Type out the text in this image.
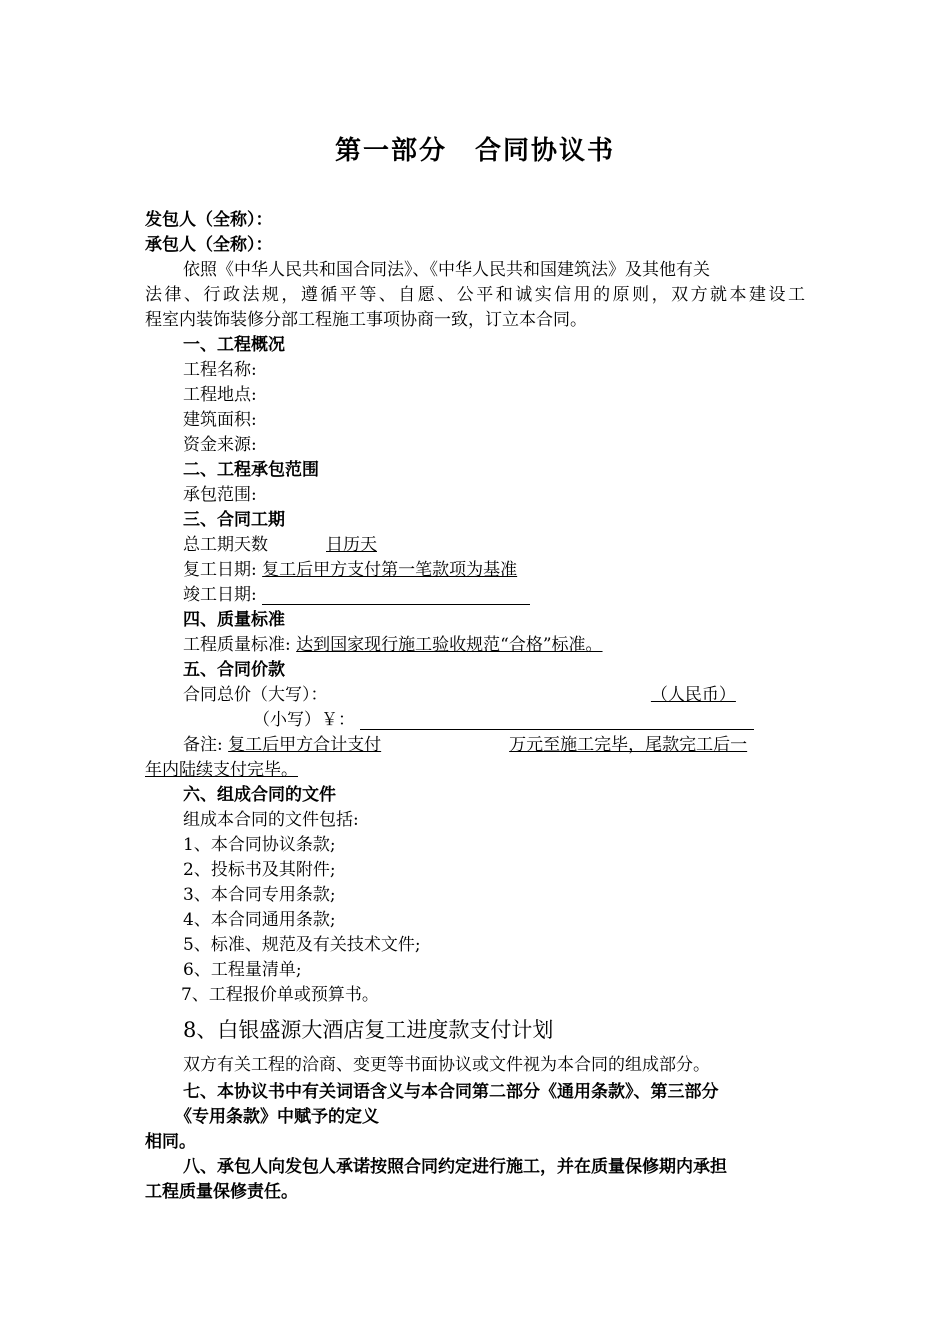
第一部分　合同协议书
发包人（全称）：
承包人（全称）：
依照《中华人民共和国合同法》、《中华人民共和国建筑法》及其他有关
法律、行政法规，遵循平等、自愿、公平和诚实信用的原则，双方就本建设工
程室内装饰装修分部工程施工事项协商一致，订立本合同。
一、工程概况
工程名称:
工程地点:
建筑面积:
资金来源:
二、工程承包范围
承包范围:
三、合同工期
总工期天数	日历天
复工日期: 复工后甲方支付第一笔款项为基准
竣工日期:
四、质量标准
工程质量标准: 达到国家现行施工验收规范“合格”标准。
五、合同价款
合同总价（大写）：	（人民币）
（小写）￥：
备注: 复工后甲方合计支付	万元至施工完毕，尾款完工后一
年内陆续支付完毕。
六、组成合同的文件
组成本合同的文件包括:
1、本合同协议条款;
2、投标书及其附件;
3、本合同专用条款;
4、本合同通用条款;
5、标准、规范及有关技术文件;
6、工程量清单;
7、工程报价单或预算书。
8、白银盛源大酒店复工进度款支付计划
双方有关工程的洽商、变更等书面协议或文件视为本合同的组成部分。
七、本协议书中有关词语含义与本合同第二部分《通用条款》、第三部分
《专用条款》中赋予的定义
相同。
八、承包人向发包人承诺按照合同约定进行施工，并在质量保修期内承担
工程质量保修责任。
